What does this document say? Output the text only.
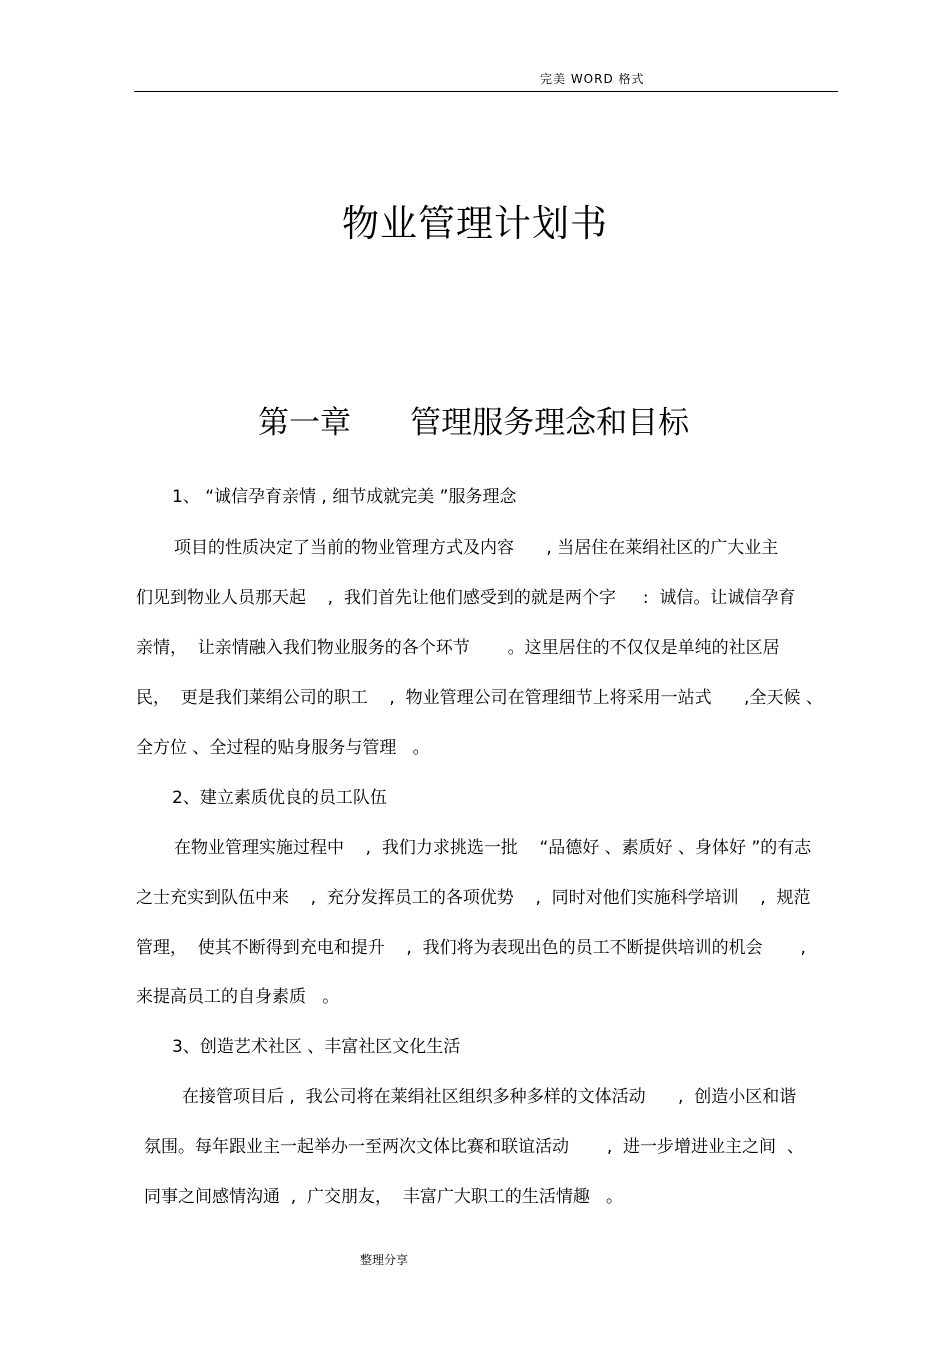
完美 WORD 格式
物业管理计划书
第一章 管理服务理念和目标
1、 “诚信孕育亲情 , 细节成就完美 ”服务理念
项目的性质决定了当前的物业管理方式及内容      , 当居住在莱绢社区的广大业主
们见到物业人员那天起    ,  我们首先让他们感受到的就是两个字     :  诚信。让诚信孕育
亲情，  让亲情融入我们物业服务的各个环节       。这里居住的不仅仅是单纯的社区居
民，  更是我们莱绢公司的职工    ,  物业管理公司在管理细节上将采用一站式      ,全天候 、
全方位 、全过程的贴身服务与管理   。
2、建立素质优良的员工队伍
在物业管理实施过程中    ,  我们力求挑选一批    “品德好 、素质好 、身体好 ”的有志
之士充实到队伍中来    ,  充分发挥员工的各项优势    ,  同时对他们实施科学培训    ,  规范
管理，  使其不断得到充电和提升    ,  我们将为表现出色的员工不断提供培训的机会       ,
来提高员工的自身素质   。
3、创造艺术社区 、丰富社区文化生活
在接管项目后 ,  我公司将在莱绢社区组织多种多样的文体活动      ,  创造小区和谐
氛围。每年跟业主一起举办一至两次文体比赛和联谊活动       ,  进一步增进业主之间  、
同事之间感情沟通  ,  广交朋友，  丰富广大职工的生活情趣   。
整理分享
